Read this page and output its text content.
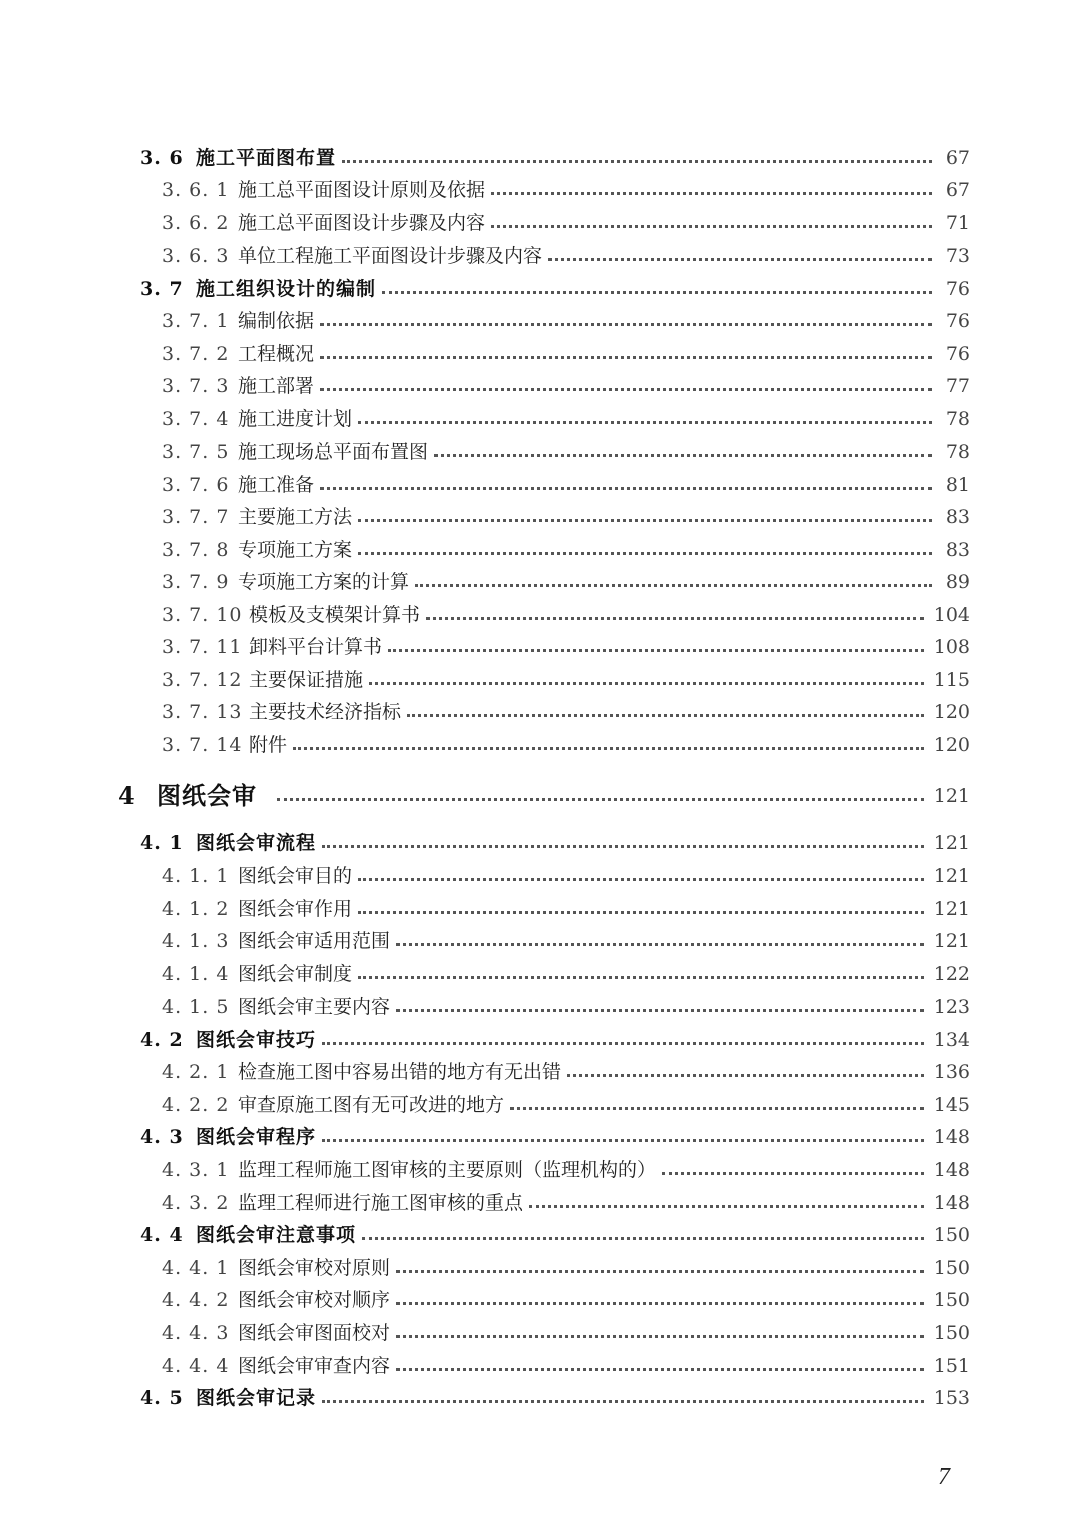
3. 6 施工平面图布置	67
3. 6. 1 施工总平面图设计原则及依据	67
3. 6. 2 施工总平面图设计步骤及内容	71
3. 6. 3 单位工程施工平面图设计步骤及内容	73
3. 7 施工组织设计的编制	76
3. 7. 1 编制依据	76
3. 7. 2 工程概况	76
3. 7. 3 施工部署	77
3. 7. 4 施工进度计划	78
3. 7. 5 施工现场总平面布置图	78
3. 7. 6 施工准备	81
3. 7. 7 主要施工方法	83
3. 7. 8 专项施工方案	83
3. 7. 9 专项施工方案的计算	89
3. 7. 10 模板及支模架计算书	104
3. 7. 11 卸料平台计算书	108
3. 7. 12 主要保证措施	115
3. 7. 13 主要技术经济指标	120
3. 7. 14 附件	120
4 图纸会审	121
4. 1 图纸会审流程	121
4. 1. 1 图纸会审目的	121
4. 1. 2 图纸会审作用	121
4. 1. 3 图纸会审适用范围	121
4. 1. 4 图纸会审制度	122
4. 1. 5 图纸会审主要内容	123
4. 2 图纸会审技巧	134
4. 2. 1 检查施工图中容易出错的地方有无出错	136
4. 2. 2 审查原施工图有无可改进的地方	145
4. 3 图纸会审程序	148
4. 3. 1 监理工程师施工图审核的主要原则（监理机构的）	148
4. 3. 2 监理工程师进行施工图审核的重点	148
4. 4 图纸会审注意事项	150
4. 4. 1 图纸会审校对原则	150
4. 4. 2 图纸会审校对顺序	150
4. 4. 3 图纸会审图面校对	150
4. 4. 4 图纸会审审查内容	151
4. 5 图纸会审记录	153
7
